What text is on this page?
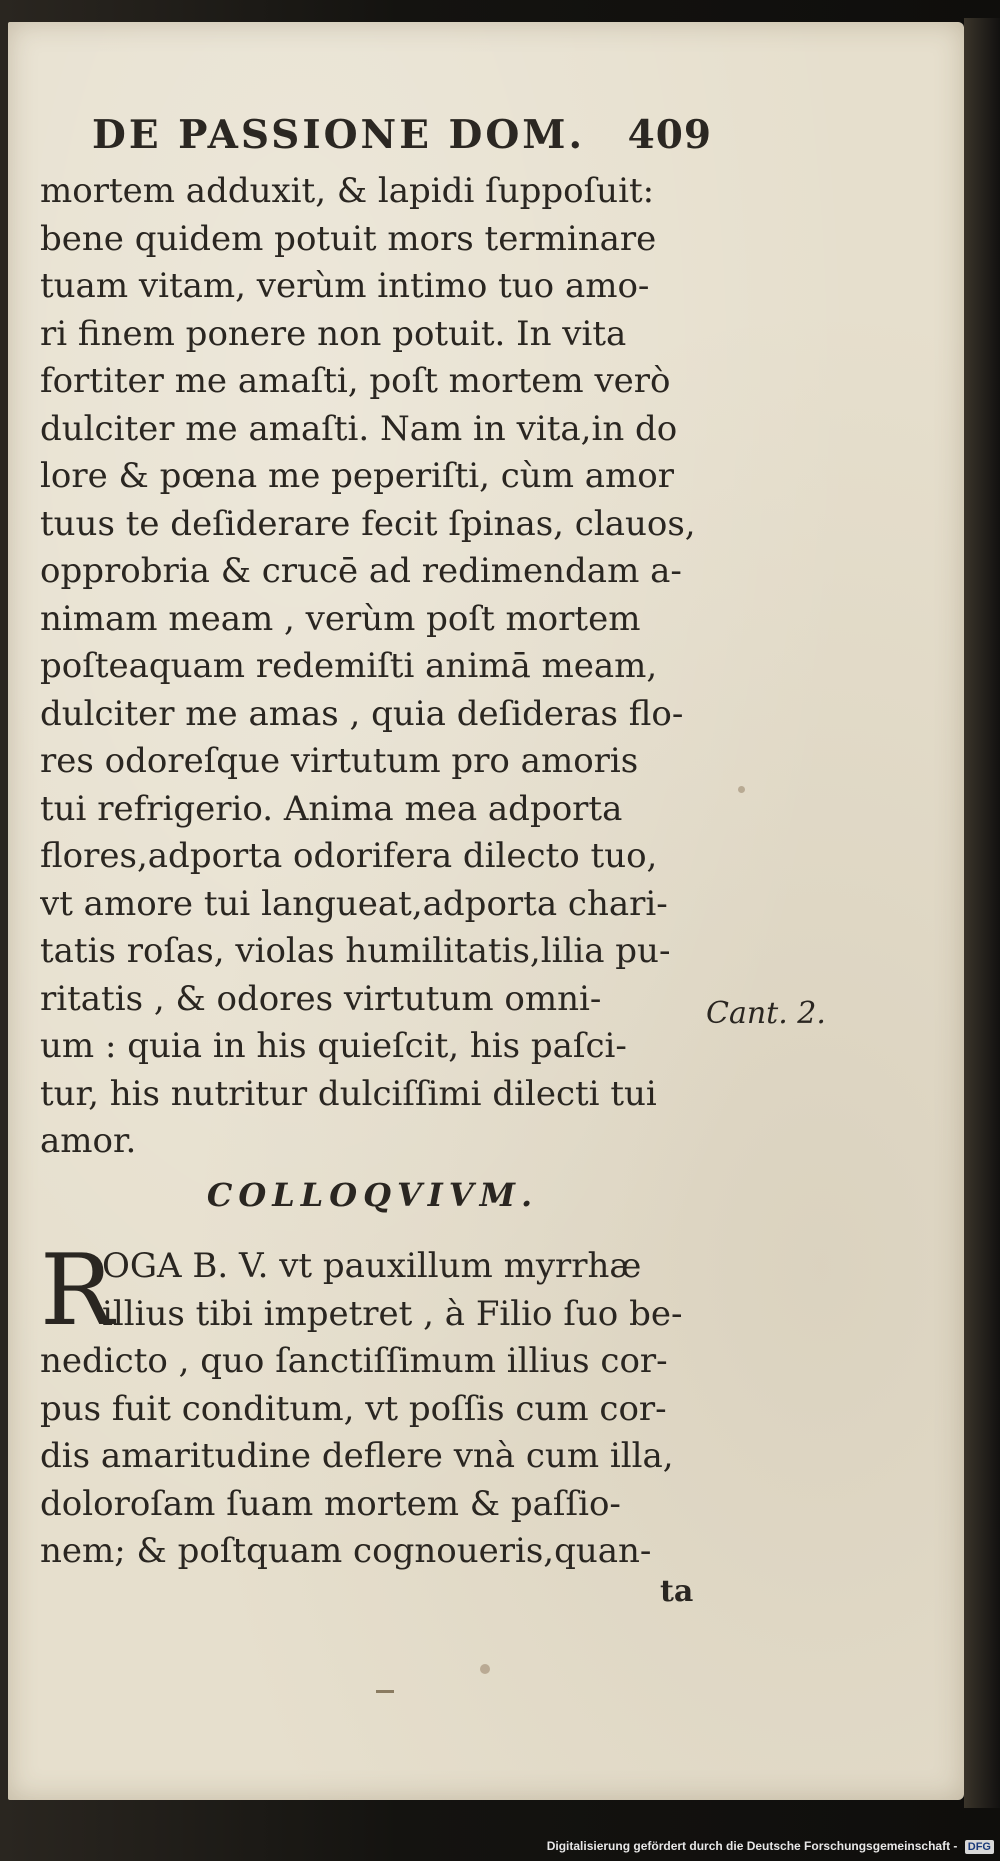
DE PASSIONE DOM. 409
mortem adduxit, & lapidi ſuppoſuit:
bene quidem potuit mors terminare
tuam vitam, verùm intimo tuo amo-
ri finem ponere non potuit. In vita
fortiter me amaſti, poſt mortem verò
dulciter me amaſti. Nam in vita,in do
lore & pœna me peperiſti, cùm amor
tuus te deſiderare fecit ſpinas, clauos,
opprobria & crucē ad redimendam a-
nimam meam , verùm poſt mortem
poſteaquam redemiſti animā meam,
dulciter me amas , quia deſideras flo-
res odoreſque virtutum pro amoris
tui refrigerio. Anima mea adporta
flores,adporta odorifera dilecto tuo,
vt amore tui langueat,adporta chari-
tatis roſas, violas humilitatis,lilia pu-
ritatis , & odores virtutum omni-
um : quia in his quieſcit, his paſci-
tur, his nutritur dulciſſimi dilecti tui
amor.
Cant. 2.
COLLOQVIVM.
R
OGA B. V. vt pauxillum myrrhæ
illius tibi impetret , à Filio ſuo be-
nedicto , quo ſanctiſſimum illius cor-
pus fuit conditum, vt poſſis cum cor-
dis amaritudine deflere vnà cum illa,
doloroſam ſuam mortem & paſſio-
nem; & poſtquam cognoueris,quan-
ta
Digitalisierung gefördert durch die Deutsche Forschungsgemeinschaft - DFG
